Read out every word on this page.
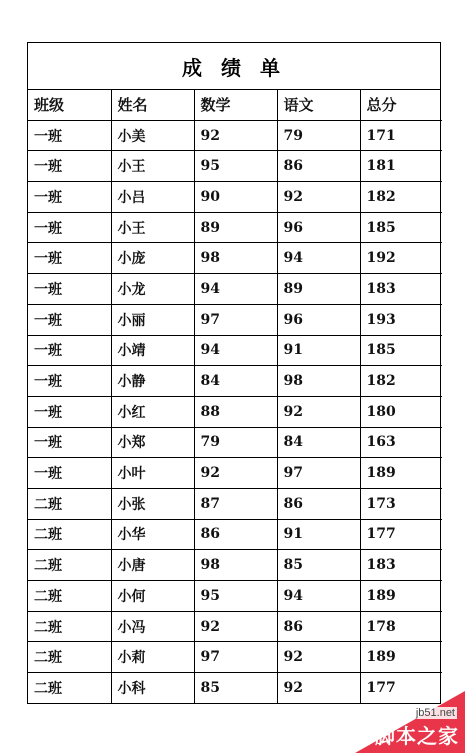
成 绩 单
班级	姓名	数学	语文	总分
一班	小美	92	79	171
一班	小王	95	86	181
一班	小吕	90	92	182
一班	小王	89	96	185
一班	小庞	98	94	192
一班	小龙	94	89	183
一班	小丽	97	96	193
一班	小靖	94	91	185
一班	小静	84	98	182
一班	小红	88	92	180
一班	小郑	79	84	163
一班	小叶	92	97	189
二班	小张	87	86	173
二班	小华	86	91	177
二班	小唐	98	85	183
二班	小何	95	94	189
二班	小冯	92	86	178
二班	小莉	97	92	189
二班	小科	85	92	177
jb51.net
脚本之家
